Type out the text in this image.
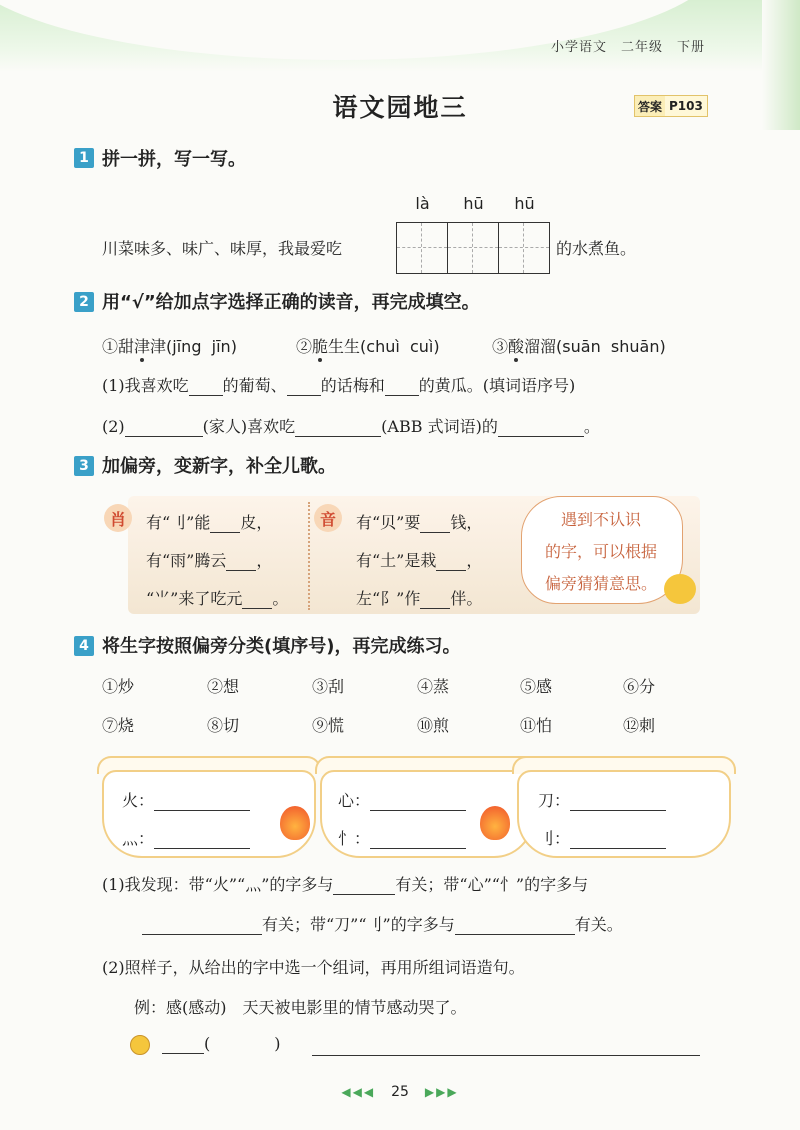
小学语文　二年级　下册
语文园地三	答案 P103
1 拼一拼，写一写。
là	hū hū
川菜味多、味广、味厚，我最爱吃	的水煮鱼。
2 用“√”给加点字选择正确的读音，再完成填空。
①甜津津(jīng jīn)	②脆生生(chuì cuì)	③酸溜溜(suān shuān)
(1)我喜欢吃 的葡萄、 的话梅和 的黄瓜。(填词语序号)
(2)	(家人)喜欢吃	(ABB 式词语)的	。
3 加偏旁，变新字，补全儿歌。
肖	有“刂”能 皮，
有“雨”腾云 ，
“⺌”来了吃元 。
音	有“贝”要 钱，
有“土”是栽 ，
左“阝”作 伴。
遇到不认识
的字，可以根据
偏旁猜猜意思。
4 将生字按照偏旁分类(填序号)，再完成练习。
①炒	②想	③刮	④蒸	⑤感	⑥分
⑦烧	⑧切	⑨慌	⑩煎	⑪怕	⑫刺
火：
灬：
心：
忄：
刀：
刂：
(1)我发现：带“火”“灬”的字多与	有关；带“心”“忄”的字多与
有关；带“刀”“刂”的字多与	有关。
(2)照样子，从给出的字中选一个组词，再用所组词语造句。
例：感(感动)　天天被电影里的情节感动哭了。
(	)
◀◀◀ 25 ▶▶▶
